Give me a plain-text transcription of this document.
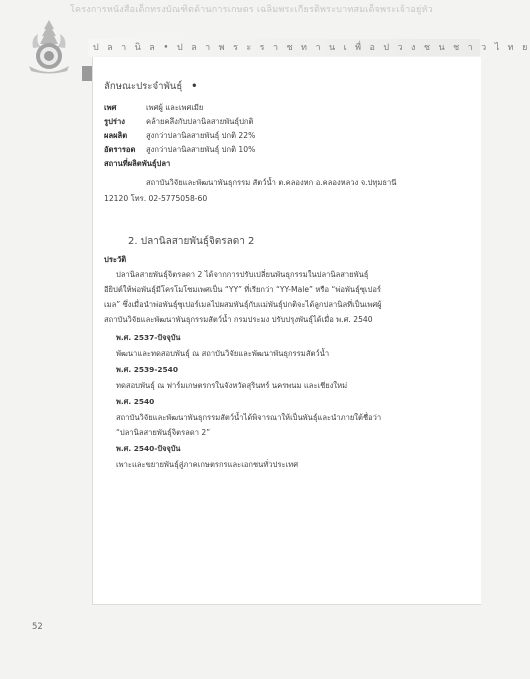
โครงการหนังสือเด็กทรงบัณฑิตด้านการเกษตร เฉลิมพระเกียรติพระบาทสมเด็จพระเจ้าอยู่หัว
ป ล า นิ ล • ป ล า พ ร ะ ร า ช ท า น เ พื่ อ ป ว ง ช น ช า ว ไ ท ย
ลักษณะประจำพันธุ์ •
เพศ	เพศผู้ และเพศเมีย
รูปร่าง	คล้ายคลึงกับปลานิลสายพันธุ์ปกติ
ผลผลิต สูงกว่าปลานิลสายพันธุ์ ปกติ 22%
อัตรารอด สูงกว่าปลานิลสายพันธุ์ ปกติ 10%
สถานที่ผลิตพันธุ์ปลา
สถาบันวิจัยและพัฒนาพันธุกรรม สัตว์น้ำ ต.คลองหก อ.คลองหลวง จ.ปทุมธานี
12120 โทร. 02-5775058-60
2. ปลานิลสายพันธุ์จิตรลดา 2
ประวัติ
ปลานิลสายพันธุ์จิตรลดา 2 ได้จากการปรับเปลี่ยนพันธุกรรมในปลานิลสายพันธุ์
อียิปต์ให้พ่อพันธุ์มีโครโมโซมเพศเป็น “YY” ที่เรียกว่า “YY-Male” หรือ “พ่อพันธุ์ซุเปอร์
เมล” ซึ่งเมื่อนำพ่อพันธุ์ซุเปอร์เมลไปผสมพันธุ์กับแม่พันธุ์ปกติจะได้ลูกปลานิลที่เป็นเพศผู้
สถาบันวิจัยและพัฒนาพันธุกรรมสัตว์น้ำ กรมประมง ปรับปรุงพันธุ์ได้เมื่อ พ.ศ. 2540
พ.ศ. 2537-ปัจจุบัน
พัฒนาและทดสอบพันธุ์ ณ สถาบันวิจัยและพัฒนาพันธุกรรมสัตว์น้ำ
พ.ศ. 2539-2540
ทดสอบพันธุ์ ณ ฟาร์มเกษตรกรในจังหวัดสุรินทร์ นครพนม และเชียงใหม่
พ.ศ. 2540
สถาบันวิจัยและพัฒนาพันธุกรรมสัตว์น้ำได้พิจารณาให้เป็นพันธุ์และนำภายใต้ชื่อว่า
“ปลานิลสายพันธุ์จิตรลดา 2”
พ.ศ. 2540-ปัจจุบัน
เพาะและขยายพันธุ์สู่ภาคเกษตรกรและเอกชนทั่วประเทศ
52
